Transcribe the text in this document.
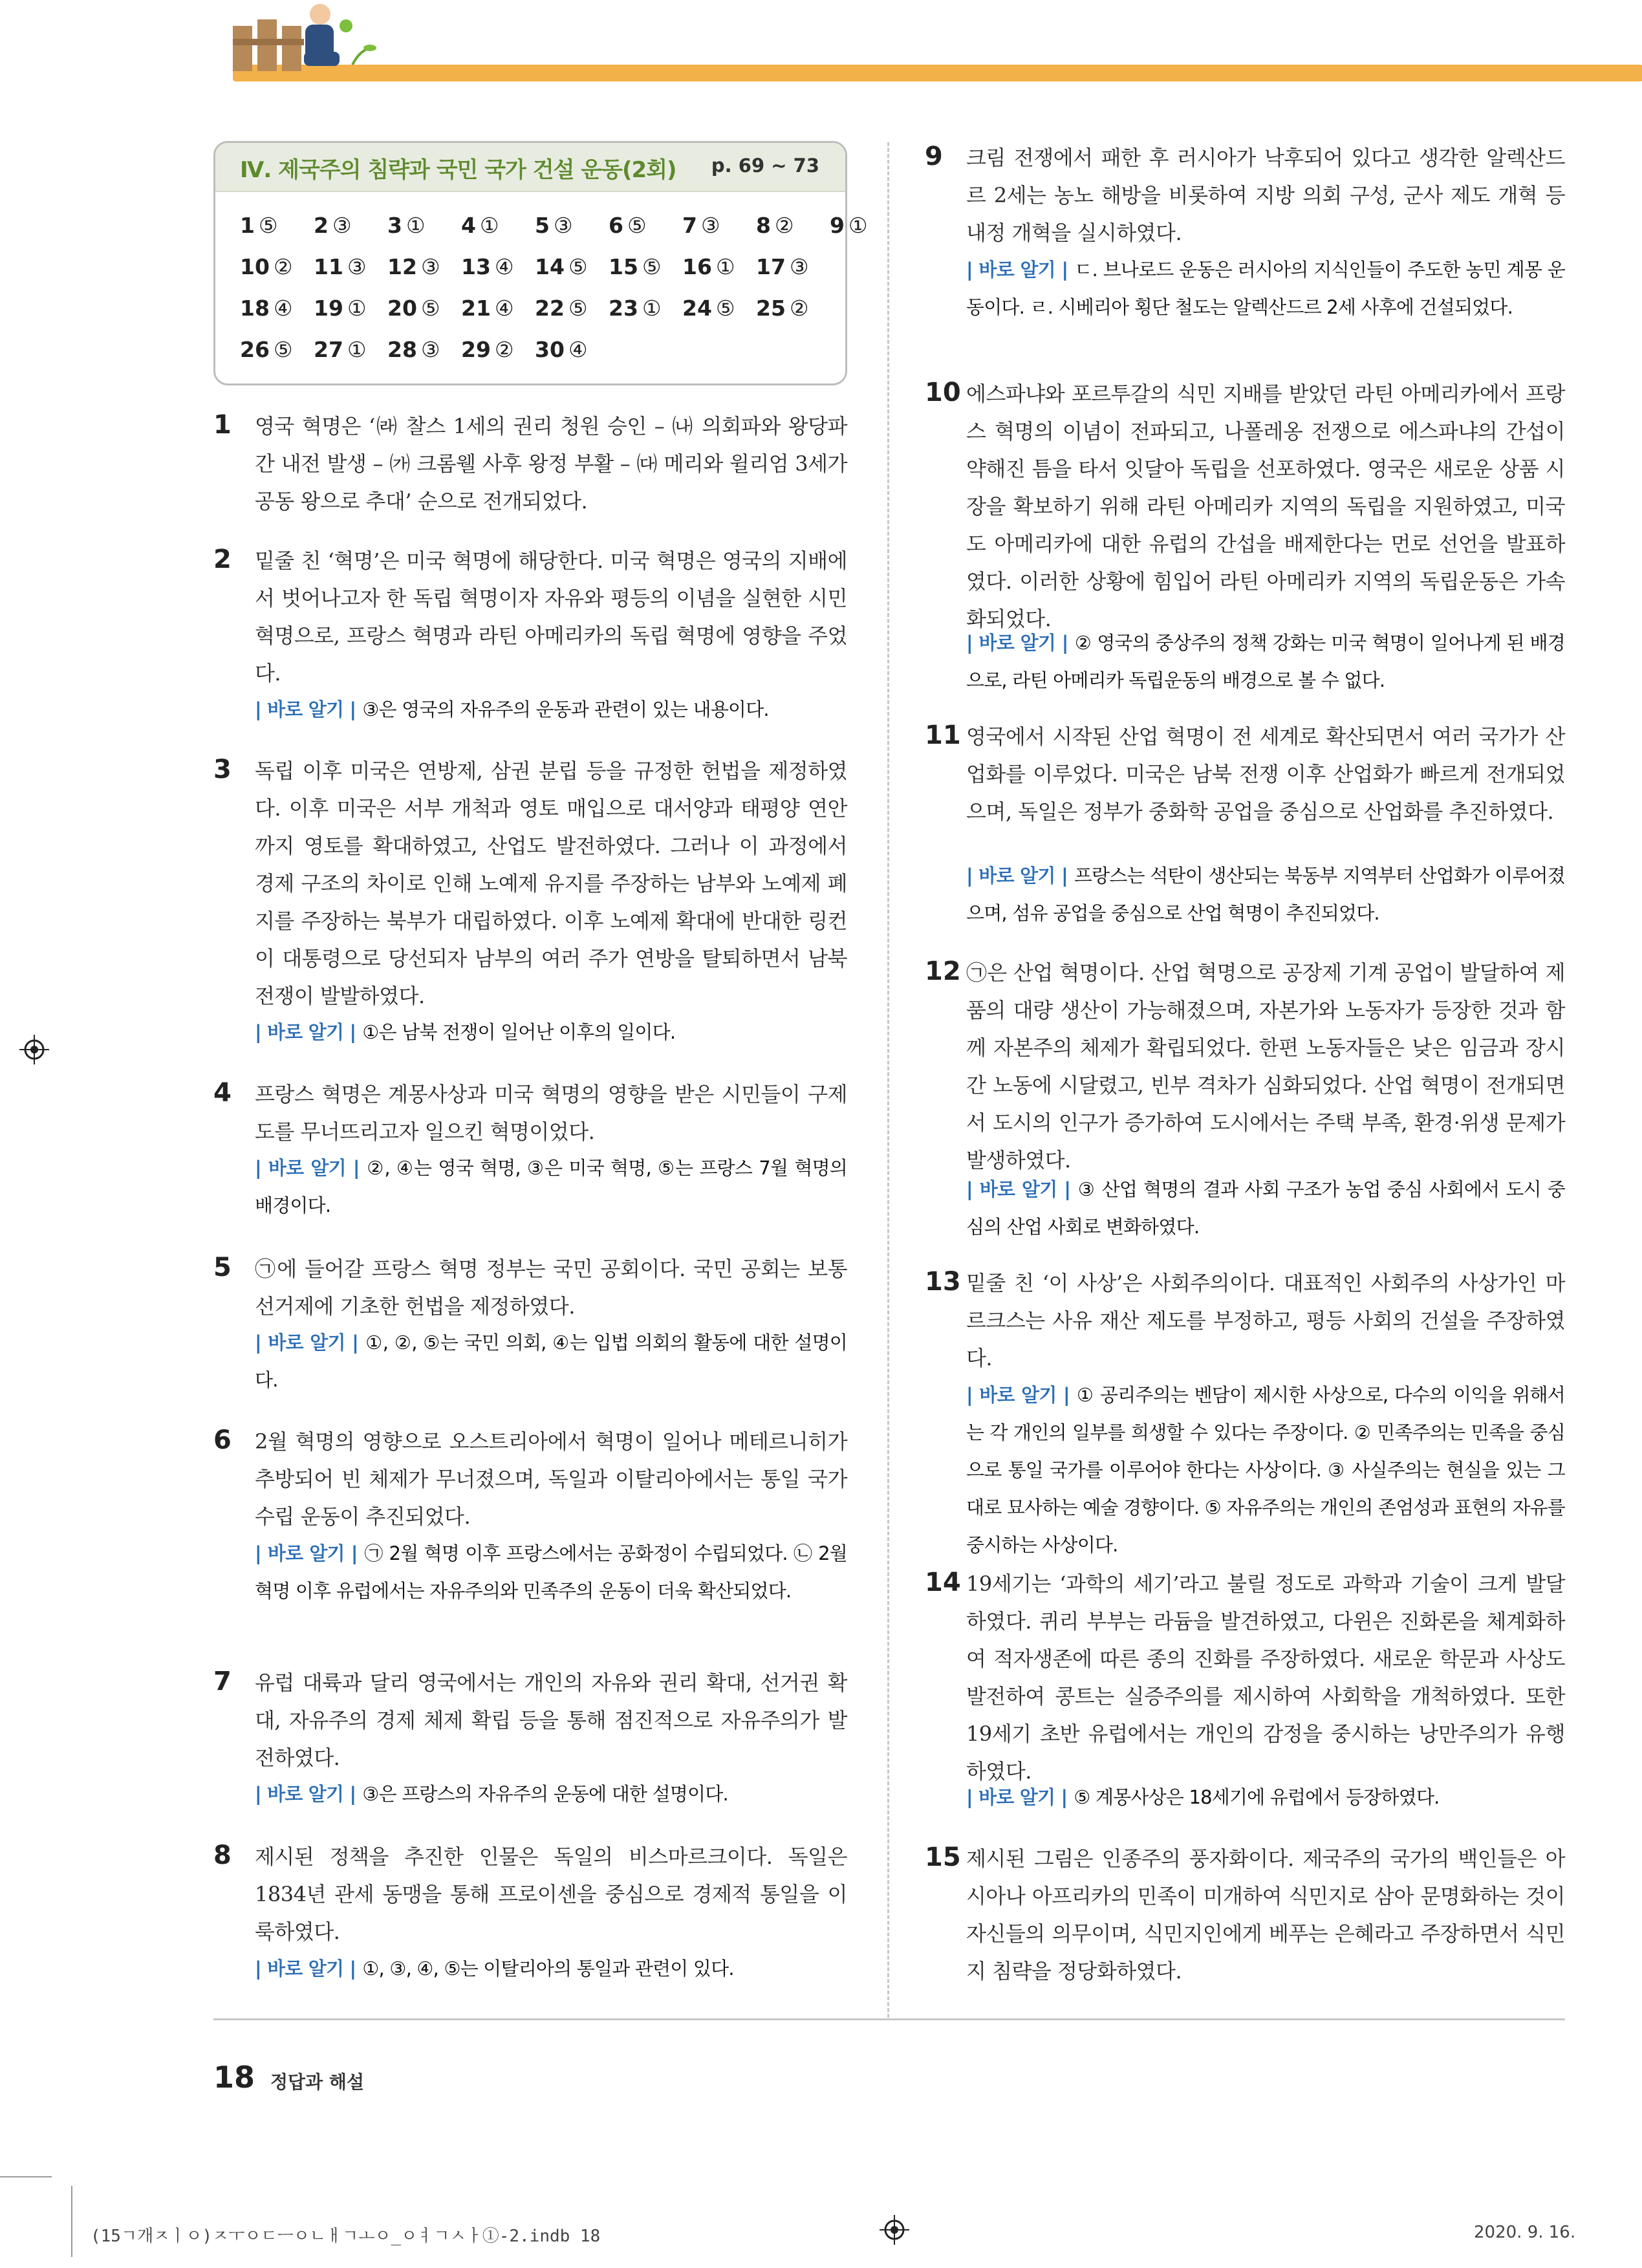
Ⅳ. 제국주의 침략과 국민 국가 건설 운동(2회) p. 69 ~ 73
1 ⑤ 2 ③ 3 ① 4 ① 5 ③ 6 ⑤ 7 ③ 8 ② 9 ①
10 ② 11 ③ 12 ③ 13 ④ 14 ⑤ 15 ⑤ 16 ① 17 ③
18 ④ 19 ① 20 ⑤ 21 ④ 22 ⑤ 23 ① 24 ⑤ 25 ②
26 ⑤ 27 ① 28 ③ 29 ② 30 ④
1 영국 혁명은 ‘㈑ 찰스 1세의 권리 청원 승인 – ㈏ 의회파와 왕당파 간 내전 발생 – ㈎ 크롬웰 사후 왕정 부활 – ㈐ 메리와 윌리엄 3세가 공동 왕으로 추대’ 순으로 전개되었다.
2 밑줄 친 ‘혁명’은 미국 혁명에 해당한다. 미국 혁명은 영국의 지배에서 벗어나고자 한 독립 혁명이자 자유와 평등의 이념을 실현한 시민 혁명으로, 프랑스 혁명과 라틴 아메리카의 독립 혁명에 영향을 주었다.
| 바로 알기 | ③은 영국의 자유주의 운동과 관련이 있는 내용이다.
3 독립 이후 미국은 연방제, 삼권 분립 등을 규정한 헌법을 제정하였다. 이후 미국은 서부 개척과 영토 매입으로 대서양과 태평양 연안까지 영토를 확대하였고, 산업도 발전하였다. 그러나 이 과정에서 경제 구조의 차이로 인해 노예제 유지를 주장하는 남부와 노예제 폐지를 주장하는 북부가 대립하였다. 이후 노예제 확대에 반대한 링컨이 대통령으로 당선되자 남부의 여러 주가 연방을 탈퇴하면서 남북 전쟁이 발발하였다.
| 바로 알기 | ①은 남북 전쟁이 일어난 이후의 일이다.
4 프랑스 혁명은 계몽사상과 미국 혁명의 영향을 받은 시민들이 구제도를 무너뜨리고자 일으킨 혁명이었다.
| 바로 알기 | ②, ④는 영국 혁명, ③은 미국 혁명, ⑤는 프랑스 7월 혁명의 배경이다.
5 ㉠에 들어갈 프랑스 혁명 정부는 국민 공회이다. 국민 공회는 보통 선거제에 기초한 헌법을 제정하였다.
| 바로 알기 | ①, ②, ⑤는 국민 의회, ④는 입법 의회의 활동에 대한 설명이다.
6 2월 혁명의 영향으로 오스트리아에서 혁명이 일어나 메테르니히가 추방되어 빈 체제가 무너졌으며, 독일과 이탈리아에서는 통일 국가 수립 운동이 추진되었다.
| 바로 알기 | ㉠ 2월 혁명 이후 프랑스에서는 공화정이 수립되었다. ㉡ 2월 혁명 이후 유럽에서는 자유주의와 민족주의 운동이 더욱 확산되었다.
7 유럽 대륙과 달리 영국에서는 개인의 자유와 권리 확대, 선거권 확대, 자유주의 경제 체제 확립 등을 통해 점진적으로 자유주의가 발전하였다.
| 바로 알기 | ③은 프랑스의 자유주의 운동에 대한 설명이다.
8 제시된 정책을 추진한 인물은 독일의 비스마르크이다. 독일은 1834년 관세 동맹을 통해 프로이센을 중심으로 경제적 통일을 이룩하였다.
| 바로 알기 | ①, ③, ④, ⑤는 이탈리아의 통일과 관련이 있다.
9 크림 전쟁에서 패한 후 러시아가 낙후되어 있다고 생각한 알렉산드르 2세는 농노 해방을 비롯하여 지방 의회 구성, 군사 제도 개혁 등 내정 개혁을 실시하였다.
| 바로 알기 | ㄷ. 브나로드 운동은 러시아의 지식인들이 주도한 농민 계몽 운동이다. ㄹ. 시베리아 횡단 철도는 알렉산드르 2세 사후에 건설되었다.
10 에스파냐와 포르투갈의 식민 지배를 받았던 라틴 아메리카에서 프랑스 혁명의 이념이 전파되고, 나폴레옹 전쟁으로 에스파냐의 간섭이 약해진 틈을 타서 잇달아 독립을 선포하였다. 영국은 새로운 상품 시장을 확보하기 위해 라틴 아메리카 지역의 독립을 지원하였고, 미국도 아메리카에 대한 유럽의 간섭을 배제한다는 먼로 선언을 발표하였다. 이러한 상황에 힘입어 라틴 아메리카 지역의 독립운동은 가속화되었다.
| 바로 알기 | ② 영국의 중상주의 정책 강화는 미국 혁명이 일어나게 된 배경으로, 라틴 아메리카 독립운동의 배경으로 볼 수 없다.
11 영국에서 시작된 산업 혁명이 전 세계로 확산되면서 여러 국가가 산업화를 이루었다. 미국은 남북 전쟁 이후 산업화가 빠르게 전개되었으며, 독일은 정부가 중화학 공업을 중심으로 산업화를 추진하였다.
| 바로 알기 | 프랑스는 석탄이 생산되는 북동부 지역부터 산업화가 이루어졌으며, 섬유 공업을 중심으로 산업 혁명이 추진되었다.
12 ㉠은 산업 혁명이다. 산업 혁명으로 공장제 기계 공업이 발달하여 제품의 대량 생산이 가능해졌으며, 자본가와 노동자가 등장한 것과 함께 자본주의 체제가 확립되었다. 한편 노동자들은 낮은 임금과 장시간 노동에 시달렸고, 빈부 격차가 심화되었다. 산업 혁명이 전개되면서 도시의 인구가 증가하여 도시에서는 주택 부족, 환경·위생 문제가 발생하였다.
| 바로 알기 | ③ 산업 혁명의 결과 사회 구조가 농업 중심 사회에서 도시 중심의 산업 사회로 변화하였다.
13 밑줄 친 ‘이 사상’은 사회주의이다. 대표적인 사회주의 사상가인 마르크스는 사유 재산 제도를 부정하고, 평등 사회의 건설을 주장하였다.
| 바로 알기 | ① 공리주의는 벤담이 제시한 사상으로, 다수의 이익을 위해서는 각 개인의 일부를 희생할 수 있다는 주장이다. ② 민족주의는 민족을 중심으로 통일 국가를 이루어야 한다는 사상이다. ③ 사실주의는 현실을 있는 그대로 묘사하는 예술 경향이다. ⑤ 자유주의는 개인의 존엄성과 표현의 자유를 중시하는 사상이다.
14 19세기는 ‘과학의 세기’라고 불릴 정도로 과학과 기술이 크게 발달하였다. 퀴리 부부는 라듐을 발견하였고, 다윈은 진화론을 체계화하여 적자생존에 따른 종의 진화를 주장하였다. 새로운 학문과 사상도 발전하여 콩트는 실증주의를 제시하여 사회학을 개척하였다. 또한 19세기 초반 유럽에서는 개인의 감정을 중시하는 낭만주의가 유행하였다.
| 바로 알기 | ⑤ 계몽사상은 18세기에 유럽에서 등장하였다.
15 제시된 그림은 인종주의 풍자화이다. 제국주의 국가의 백인들은 아시아나 아프리카의 민족이 미개하여 식민지로 삼아 문명화하는 것이 자신들의 의무이며, 식민지인에게 베푸는 은혜라고 주장하면서 식민지 침략을 정당화하였다.
18 정답과 해설
(15ㄱ개ㅈㅣㅇ)ㅈㅜㅇㄷㅡㅇㄴㅐㄱㅗㅇ_ㅇㅕㄱㅅㅏ①-2.indb 18	2020. 9. 16.
